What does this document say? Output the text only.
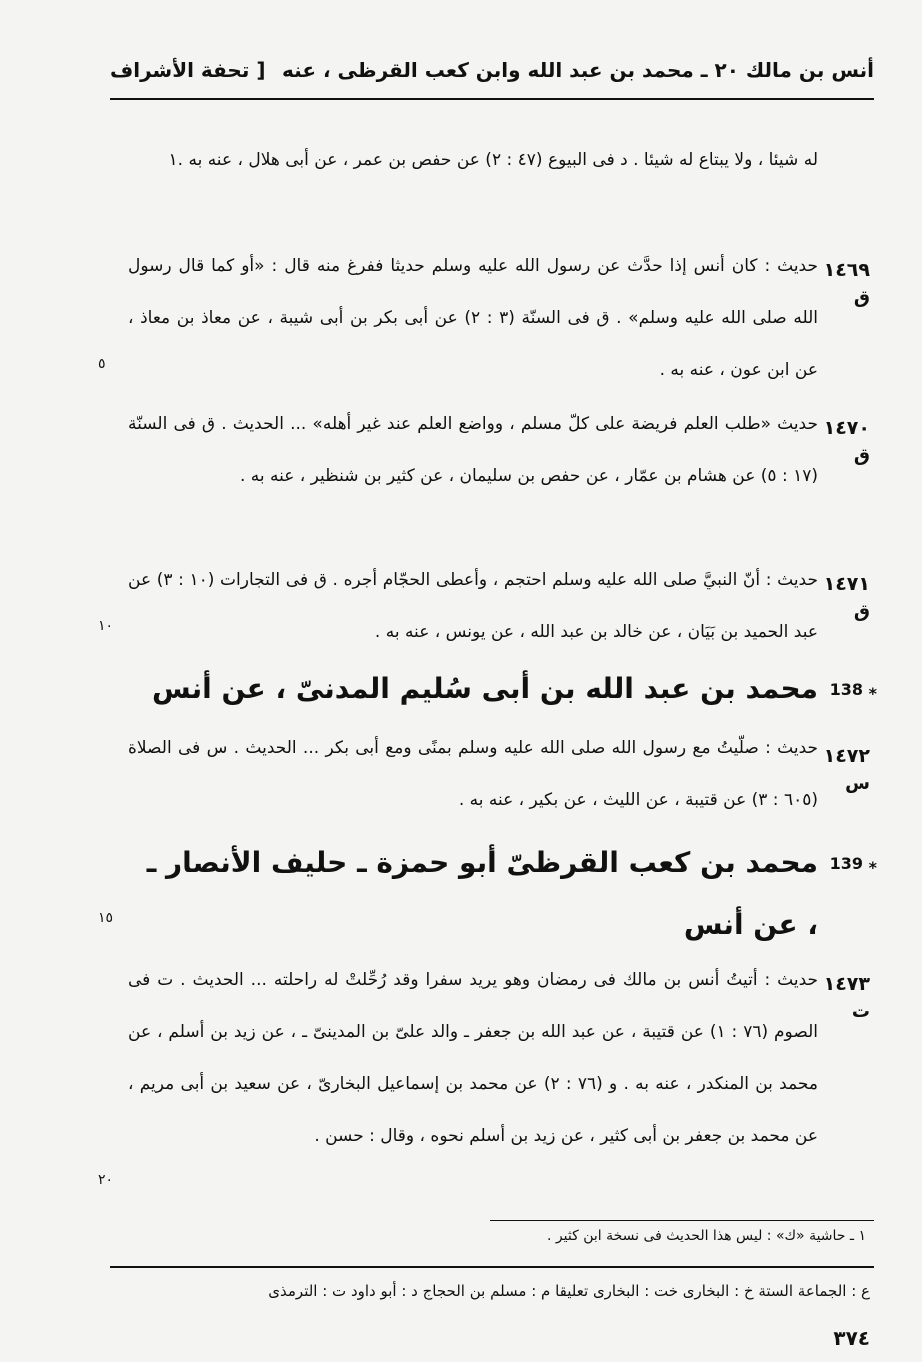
أنس بن مالك ٢٠ ـ محمد بن عبد الله وابن كعب القرظى ، عنه
[ تحفة الأشراف
له شيئا ، ولا يبتاع له شيئا . د فى البيوع (٤٧ : ٢) عن حفص بن عمر ، عن أبى هلال ، عنه به .١
١٤٦٩
ق
حديث : كان أنس إذا حدَّث عن رسول الله عليه وسلم حديثا ففرغ منه قال : «أو كما قال رسول الله صلى الله عليه وسلم» . ق فى السنّة (٣ : ٢) عن أبى بكر بن أبى شيبة ، عن معاذ بن معاذ ، عن ابن عون ، عنه به .
١٤٧٠
ق
حديث «طلب العلم فريضة على كلّ مسلم ، وواضع العلم عند غير أهله» ... الحديث . ق فى السنّة (١٧ : ٥) عن هشام بن عمّار ، عن حفص بن سليمان ، عن كثير بن شنظير ، عنه به .
١٤٧١
ق
حديث : أنّ النبيَّ صلى الله عليه وسلم احتجم ، وأعطى الحجّام أجره . ق فى التجارات (١٠ : ٣) عن عبد الحميد بن بَيَان ، عن خالد بن عبد الله ، عن يونس ، عنه به .
138 ⁎
محمد بن عبد الله بن أبى سُليم المدنىّ ، عن أنس
١٤٧٢
س
حديث : صلّيتُ مع رسول الله صلى الله عليه وسلم بمنًى ومع أبى بكر ... الحديث . س فى الصلاة (٦٠٥ : ٣) عن قتيبة ، عن الليث ، عن بكير ، عنه به .
139 ⁎
محمد بن كعب القرظىّ أبو حمزة ـ حليف الأنصار ـ ، عن أنس
١٤٧٣
ت
حديث : أتيتُ أنس بن مالك فى رمضان وهو يريد سفرا وقد رُحِّلتْ له راحلته ... الحديث . ت فى الصوم (٧٦ : ١) عن قتيبة ، عن عبد الله بن جعفر ـ والد علىّ بن المدينىّ ـ ، عن زيد بن أسلم ، عن محمد بن المنكدر ، عنه به . و (٧٦ : ٢) عن محمد بن إسماعيل البخارىّ ، عن سعيد بن أبى مريم ، عن محمد بن جعفر بن أبى كثير ، عن زيد بن أسلم نحوه ، وقال : حسن .
٥
١٠
١٥
٢٠
١ ـ حاشية «ك» : ليس هذا الحديث فى نسخة ابن كثير .
ع : الجماعة الستة خ : البخارى خت : البخارى تعليقا م : مسلم بن الحجاج د : أبو داود ت : الترمذى
٣٧٤
